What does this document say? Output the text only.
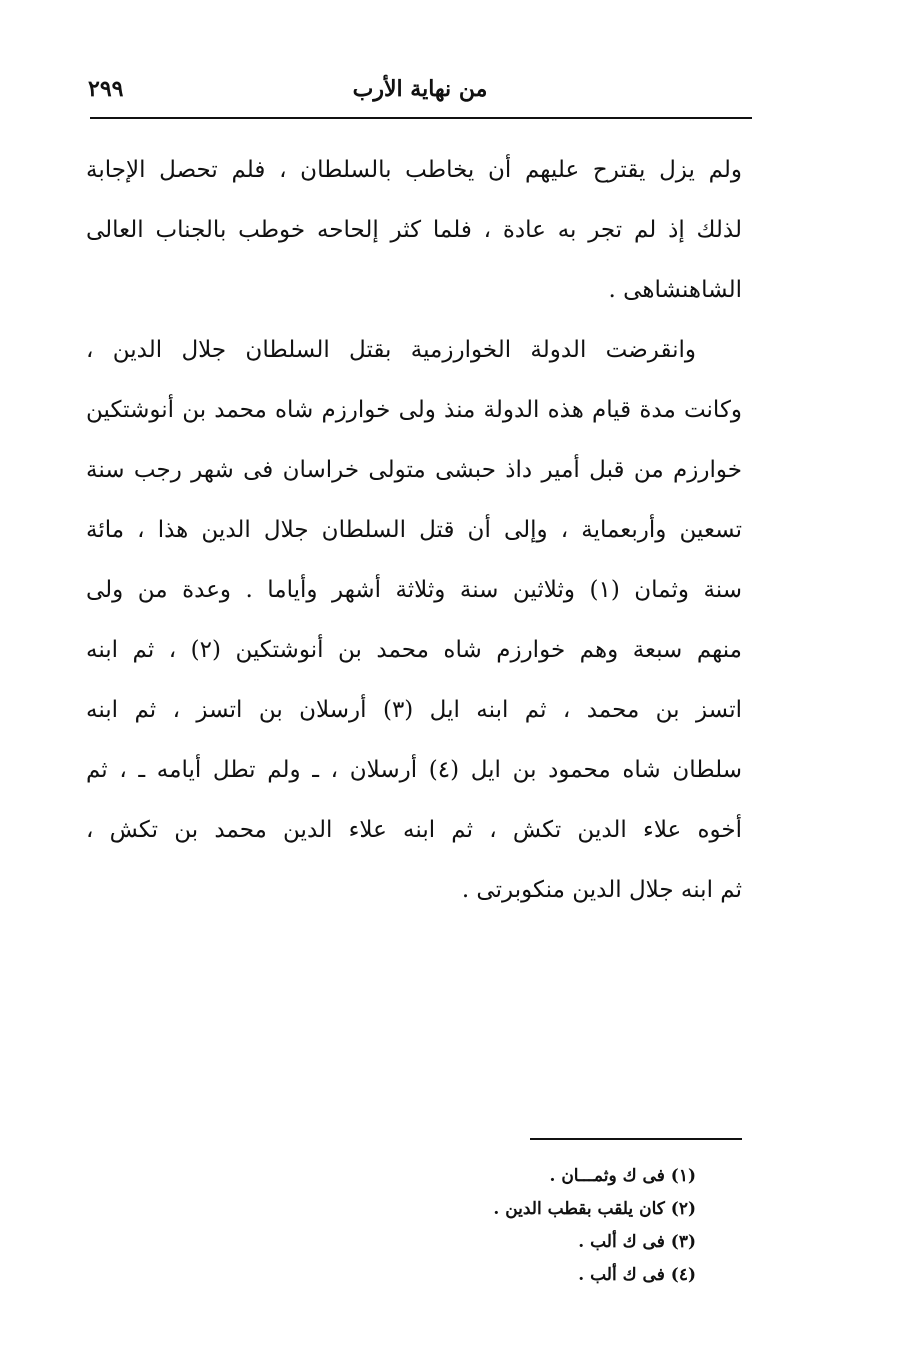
٢٩٩	من نهاية الأرب
ولم يزل يقترح عليهم أن يخاطب بالسلطان ، فلم تحصل الإجابة
لذلك إذ لم تجر به عادة ، فلما كثر إلحاحه خوطب بالجناب العالى
الشاهنشاهى .
وانقرضت الدولة الخوارزمية بقتل السلطان جلال الدين ،
وكانت مدة قيام هذه الدولة منذ ولى خوارزم شاه محمد بن أنوشتكين
خوارزم من قبل أمير داذ حبشى متولى خراسان فى شهر رجب سنة
تسعين وأربعماية ، وإلى أن قتل السلطان جلال الدين هذا ، مائة
سنة وثمان (١) وثلاثين سنة وثلاثة أشهر وأياما . وعدة من ولى
منهم سبعة وهم خوارزم شاه محمد بن أنوشتكين (٢) ، ثم ابنه
اتسز بن محمد ، ثم ابنه ايل (٣) أرسلان بن اتسز ، ثم ابنه
سلطان شاه محمود بن ايل (٤) أرسلان ، ـ ولم تطل أيامه ـ ، ثم
أخوه علاء الدين تكش ، ثم ابنه علاء الدين محمد بن تكش ،
ثم ابنه جلال الدين منكوبرتى .
(١) فى ك وثمـــان .
(٢) كان يلقب بقطب الدين .
(٣) فى ك ألب .
(٤) فى ك ألب .
